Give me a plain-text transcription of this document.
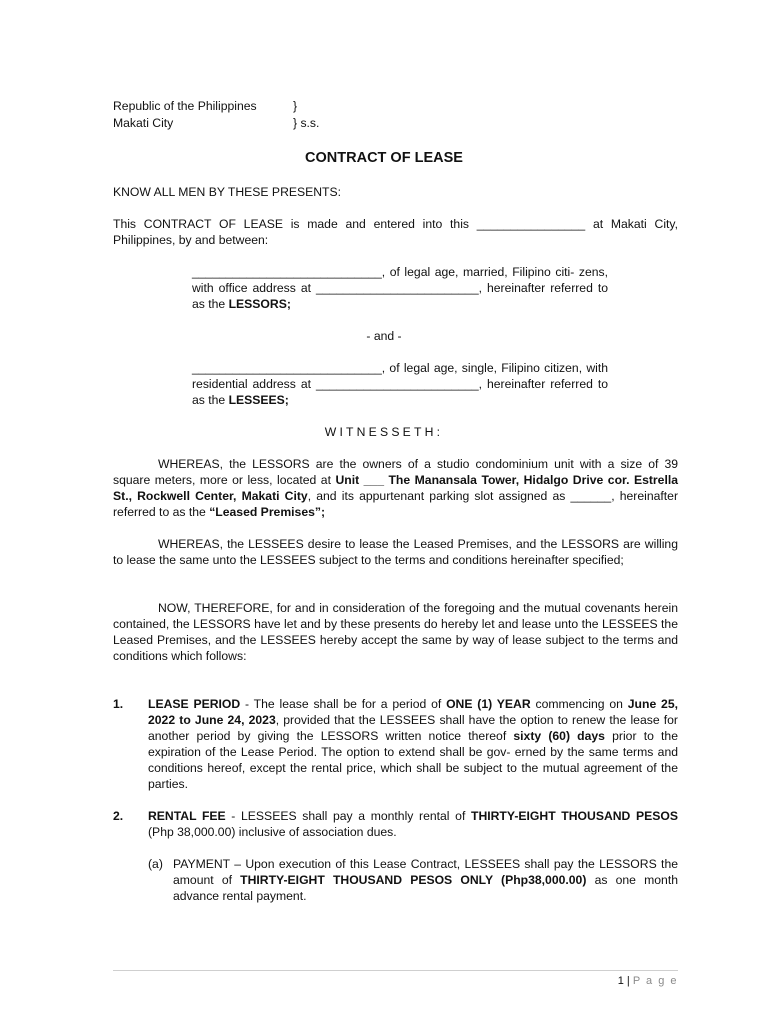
Republic of the Philippines	}
Makati City	} s.s.
CONTRACT OF LEASE
KNOW ALL MEN BY THESE PRESENTS:
This CONTRACT OF LEASE is made and entered into this ________________ at Makati City, Philippines, by and between:
____________________________, of legal age, married, Filipino citi- zens, with office address at ________________________, hereinafter referred to as the LESSORS;
- and -
____________________________, of legal age, single, Filipino citizen, with residential address at ________________________, hereinafter referred to as the LESSEES;
WITNESSETH:
WHEREAS, the LESSORS are the owners of a studio condominium unit with a size of 39 square meters, more or less, located at Unit ___ The Manansala Tower, Hidalgo Drive cor. Estrella St., Rockwell Center, Makati City, and its appurtenant parking slot assigned as ______, hereinafter referred to as the “Leased Premises”;
WHEREAS, the LESSEES desire to lease the Leased Premises, and the LESSORS are willing to lease the same unto the LESSEES subject to the terms and conditions hereinafter specified;
NOW, THEREFORE, for and in consideration of the foregoing and the mutual covenants herein contained, the LESSORS have let and by these presents do hereby let and lease unto the LESSEES the Leased Premises, and the LESSEES hereby accept the same by way of lease subject to the terms and conditions which follows:
1.	LEASE PERIOD - The lease shall be for a period of ONE (1) YEAR commencing on June 25, 2022 to June 24, 2023, provided that the LESSEES shall have the option to renew the lease for another period by giving the LESSORS written notice thereof sixty (60) days prior to the expiration of the Lease Period. The option to extend shall be gov- erned by the same terms and conditions hereof, except the rental price, which shall be subject to the mutual agreement of the parties.
2.	RENTAL FEE - LESSEES shall pay a monthly rental of THIRTY-EIGHT THOUSAND PESOS (Php 38,000.00) inclusive of association dues.
(a) PAYMENT – Upon execution of this Lease Contract, LESSEES shall pay the LESSORS the amount of THIRTY-EIGHT THOUSAND PESOS ONLY (Php38,000.00) as one month advance rental payment.
1 | P a g e
